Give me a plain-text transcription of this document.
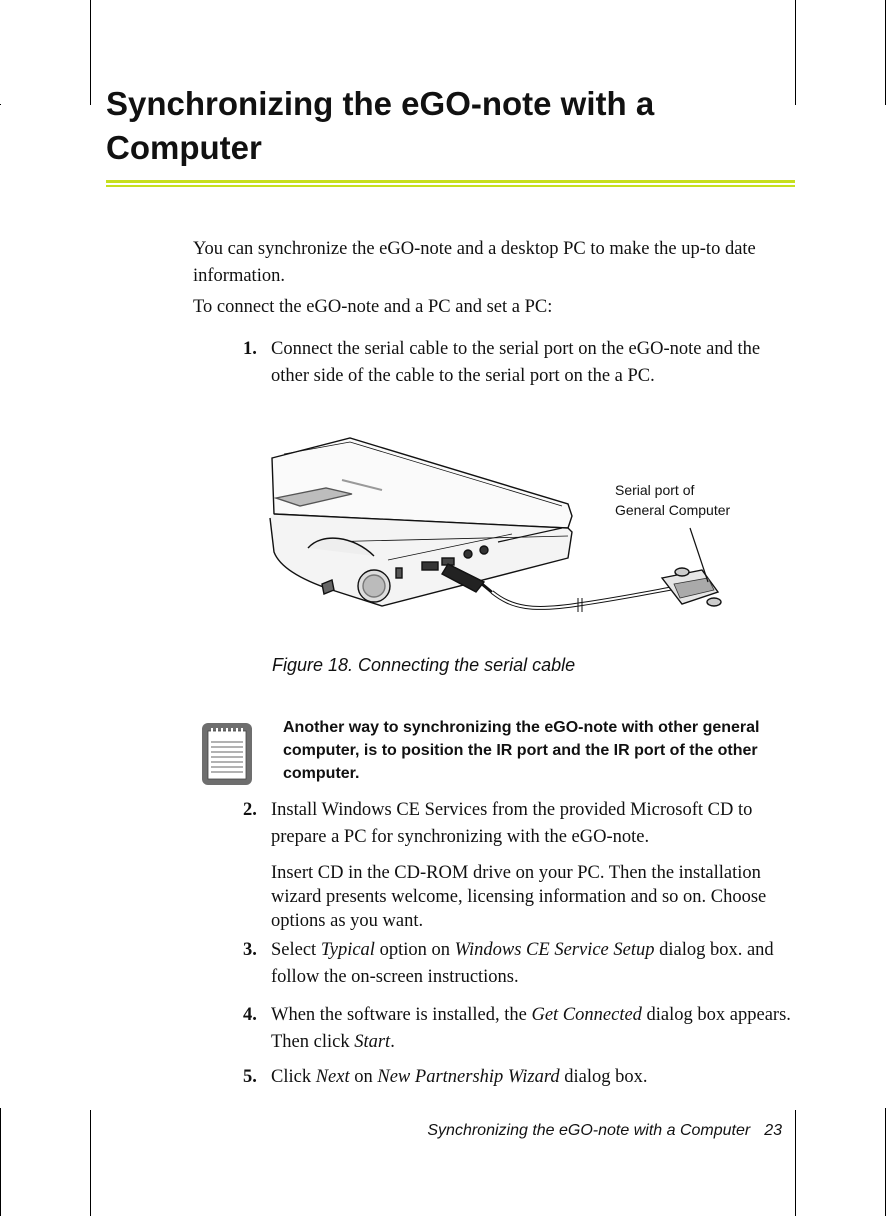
Synchronizing the eGO-note with a Computer

You can synchronize the eGO-note and a desktop PC to make the up-to date information.

To connect the eGO-note and a PC and set a PC:

1. Connect the serial cable to the serial port on the eGO-note and the other side of the cable to the serial port on the a PC.
Serial port of
General Computer
Figure 18. Connecting the serial cable

Another way to synchronizing the eGO-note with other general computer, is to position the IR port and the IR port of the other computer.

2. Install Windows CE Services from the provided Microsoft CD to prepare a PC for synchronizing with the eGO-note.
Insert CD in the CD-ROM drive on your PC. Then the installation wizard presents welcome, licensing information and so on. Choose options as you want.
3. Select Typical option on Windows CE Service Setup dialog box. and follow the on-screen instructions.
4. When the software is installed, the Get Connected dialog box appears. Then click Start.
5. Click Next on New Partnership Wizard dialog box.
Synchronizing the eGO-note with a Computer 23
